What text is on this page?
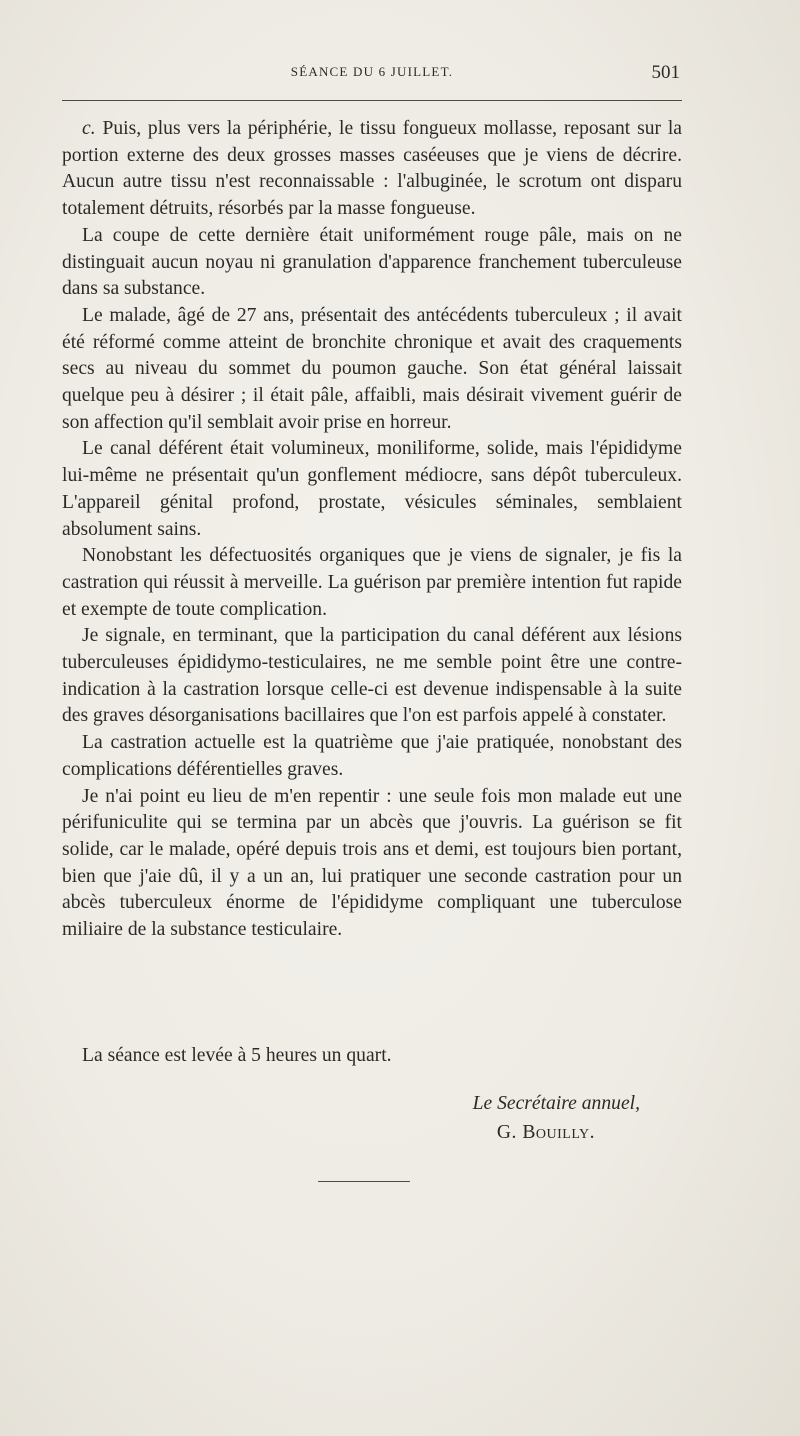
SÉANCE DU 6 JUILLET.	501

c. Puis, plus vers la périphérie, le tissu fongueux mollasse, reposant sur la portion externe des deux grosses masses caséeuses que je viens de décrire. Aucun autre tissu n'est reconnaissable : l'albuginée, le scrotum ont disparu totalement détruits, résorbés par la masse fongueuse.

La coupe de cette dernière était uniformément rouge pâle, mais on ne distinguait aucun noyau ni granulation d'apparence franchement tuberculeuse dans sa substance.

Le malade, âgé de 27 ans, présentait des antécédents tuberculeux ; il avait été réformé comme atteint de bronchite chronique et avait des craquements secs au niveau du sommet du poumon gauche. Son état général laissait quelque peu à désirer ; il était pâle, affaibli, mais désirait vivement guérir de son affection qu'il semblait avoir prise en horreur.

Le canal déférent était volumineux, moniliforme, solide, mais l'épididyme lui-même ne présentait qu'un gonflement médiocre, sans dépôt tuberculeux. L'appareil génital profond, prostate, vésicules séminales, semblaient absolument sains.

Nonobstant les défectuosités organiques que je viens de signaler, je fis la castration qui réussit à merveille. La guérison par première intention fut rapide et exempte de toute complication.

Je signale, en terminant, que la participation du canal déférent aux lésions tuberculeuses épididymo-testiculaires, ne me semble point être une contre-indication à la castration lorsque celle-ci est devenue indispensable à la suite des graves désorganisations bacillaires que l'on est parfois appelé à constater.

La castration actuelle est la quatrième que j'aie pratiquée, nonobstant des complications déférentielles graves.

Je n'ai point eu lieu de m'en repentir : une seule fois mon malade eut une périfuniculite qui se termina par un abcès que j'ouvris. La guérison se fit solide, car le malade, opéré depuis trois ans et demi, est toujours bien portant, bien que j'aie dû, il y a un an, lui pratiquer une seconde castration pour un abcès tuberculeux énorme de l'épididyme compliquant une tuberculose miliaire de la substance testiculaire.

La séance est levée à 5 heures un quart.
Le Secrétaire annuel,
G. Bouilly.
